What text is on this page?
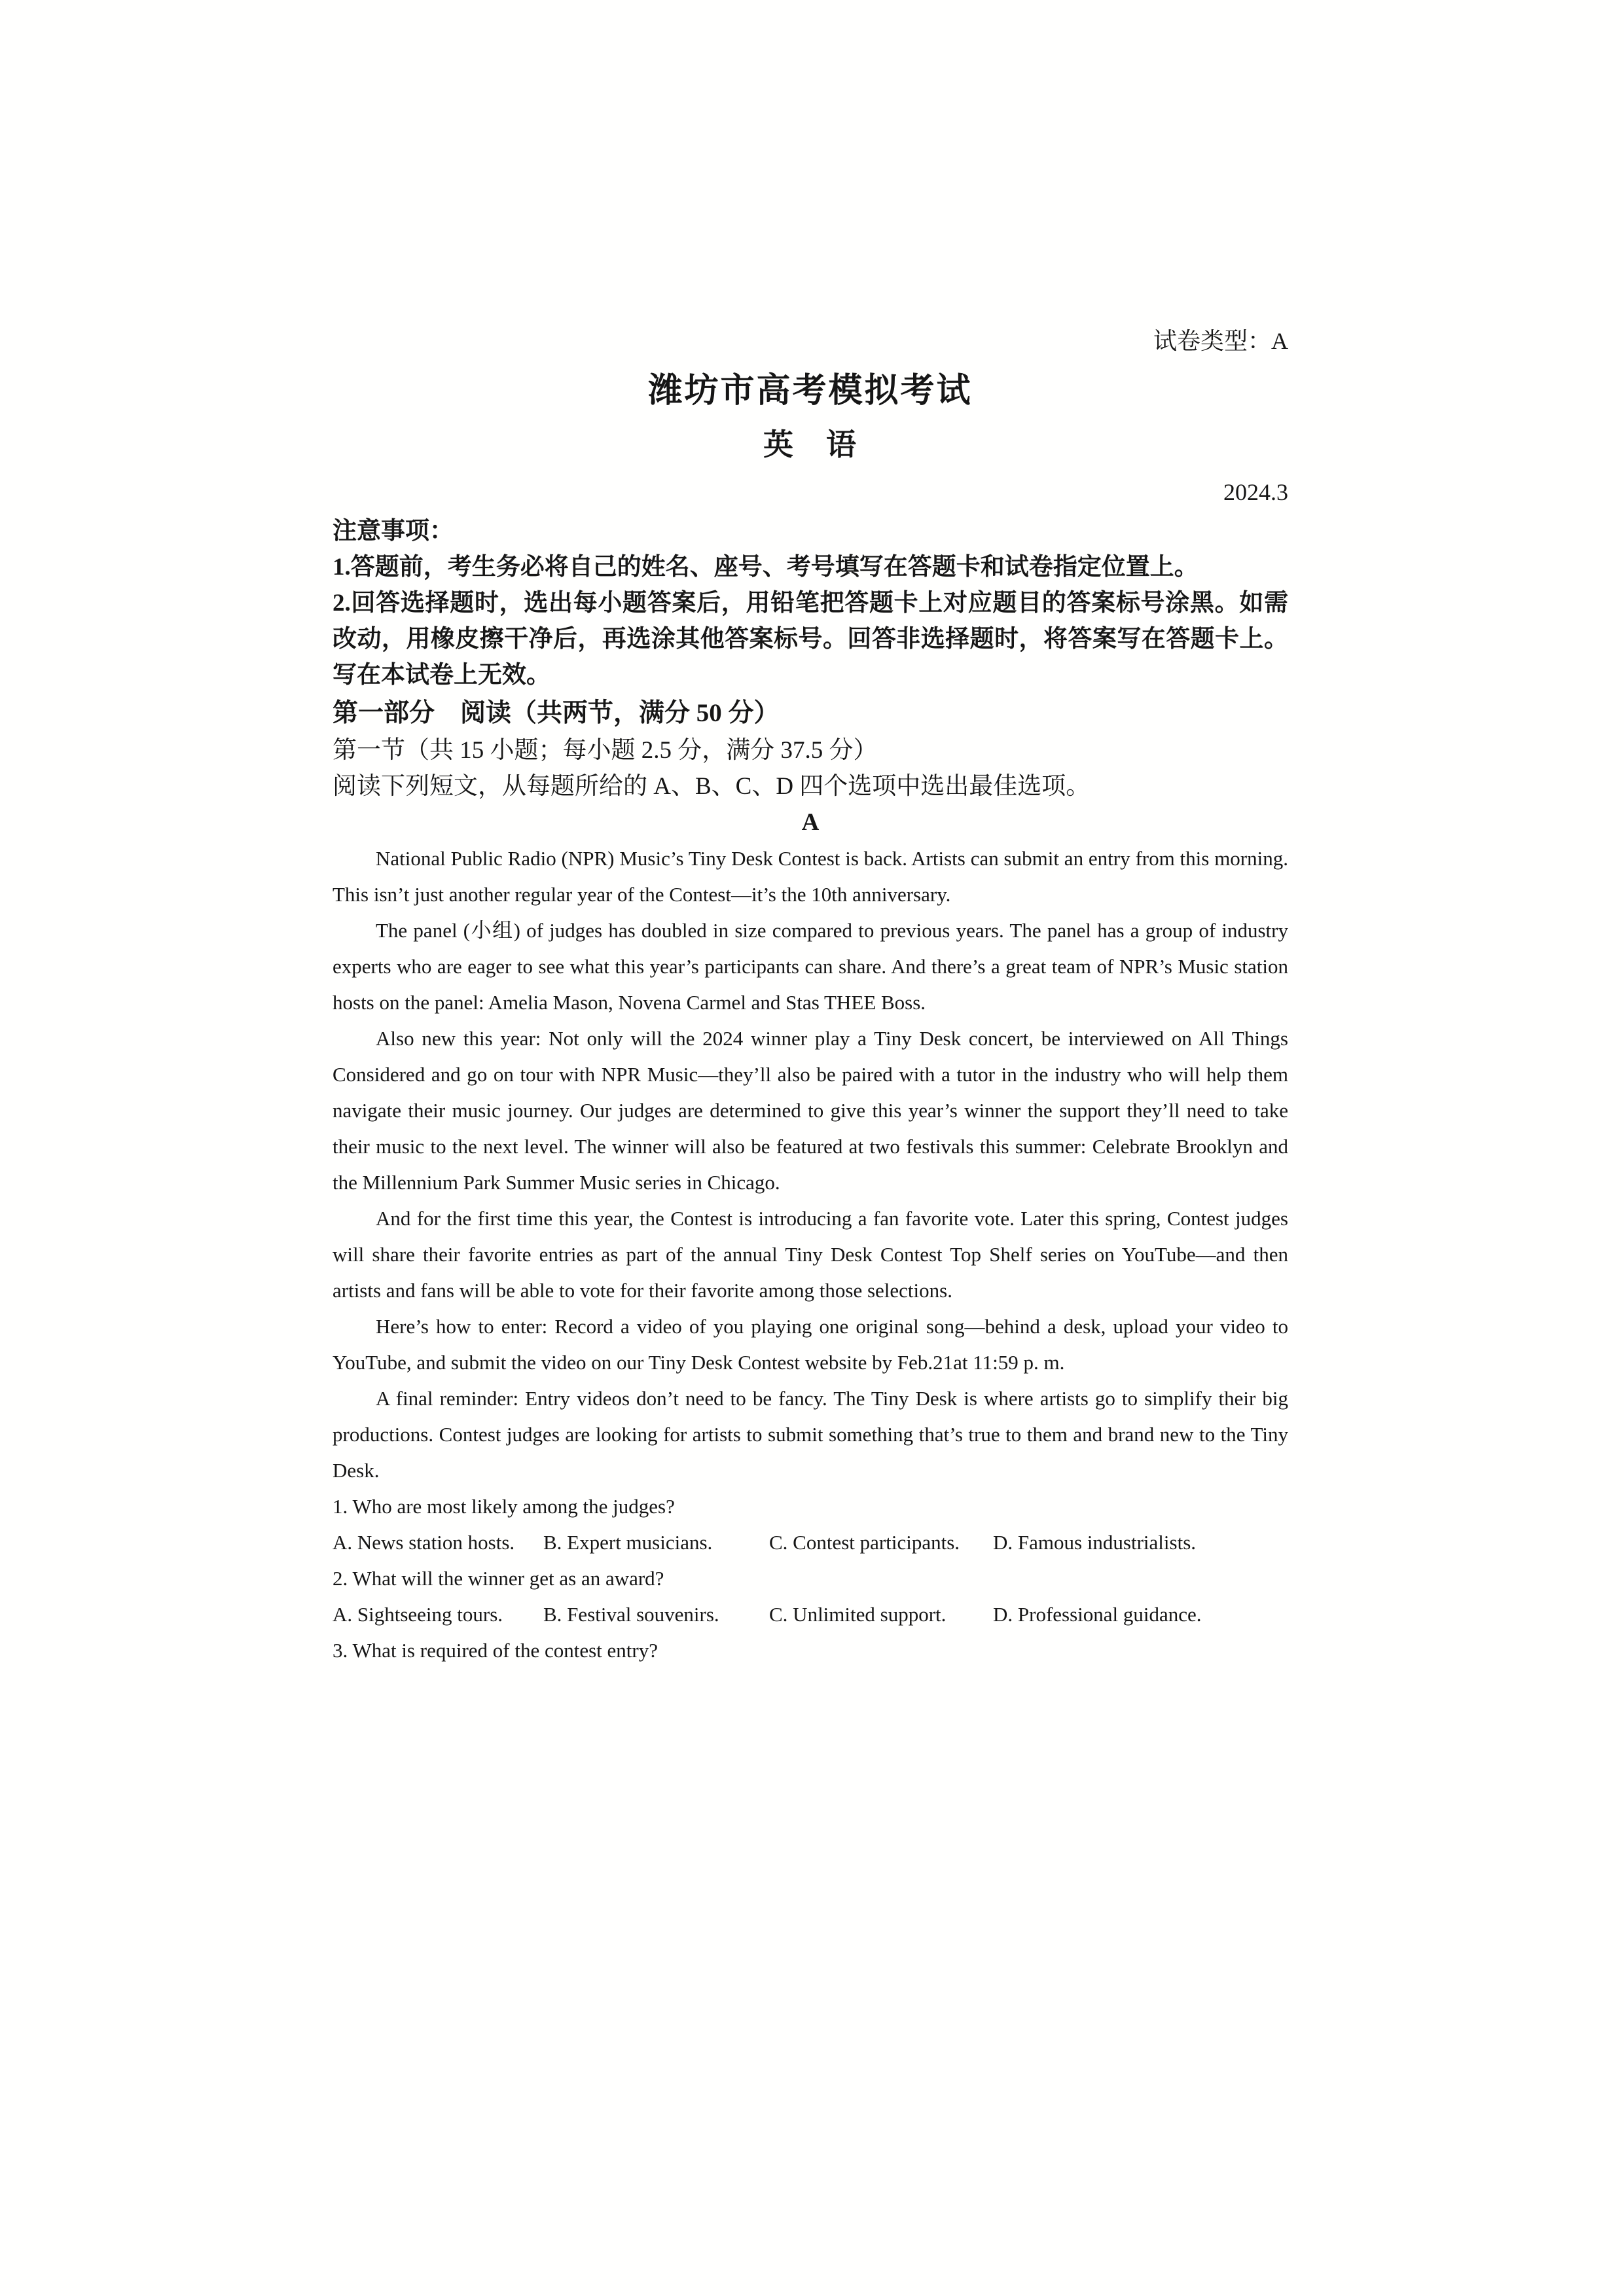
试卷类型：A
潍坊市高考模拟考试
英　语
2024.3

注意事项：

1.答题前，考生务必将自己的姓名、座号、考号填写在答题卡和试卷指定位置上。

2.回答选择题时，选出每小题答案后，用铅笔把答题卡上对应题目的答案标号涂黑。如需改动，用橡皮擦干净后，再选涂其他答案标号。回答非选择题时，将答案写在答题卡上。写在本试卷上无效。

第一部分　阅读（共两节，满分 50 分）

第一节（共 15 小题；每小题 2.5 分，满分 37.5 分）

阅读下列短文，从每题所给的 A、B、C、D 四个选项中选出最佳选项。

A

National Public Radio (NPR) Music’s Tiny Desk Contest is back. Artists can submit an entry from this morning. This isn’t just another regular year of the Contest—it’s the 10th anniversary.

The panel (小组) of judges has doubled in size compared to previous years. The panel has a group of industry experts who are eager to see what this year’s participants can share. And there’s a great team of NPR’s Music station hosts on the panel: Amelia Mason, Novena Carmel and Stas THEE Boss.

Also new this year: Not only will the 2024 winner play a Tiny Desk concert, be interviewed on All Things Considered and go on tour with NPR Music—they’ll also be paired with a tutor in the industry who will help them navigate their music journey. Our judges are determined to give this year’s winner the support they’ll need to take their music to the next level. The winner will also be featured at two festivals this summer: Celebrate Brooklyn and the Millennium Park Summer Music series in Chicago.

And for the first time this year, the Contest is introducing a fan favorite vote. Later this spring, Contest judges will share their favorite entries as part of the annual Tiny Desk Contest Top Shelf series on YouTube—and then artists and fans will be able to vote for their favorite among those selections.

Here’s how to enter: Record a video of you playing one original song—behind a desk, upload your video to YouTube, and submit the video on our Tiny Desk Contest website by Feb.21at 11:59 p. m.

A final reminder: Entry videos don’t need to be fancy. The Tiny Desk is where artists go to simplify their big productions. Contest judges are looking for artists to submit something that’s true to them and brand new to the Tiny Desk.

1. Who are most likely among the judges?

A. News station hosts.	B. Expert musicians.	C. Contest participants.	D. Famous industrialists.

2. What will the winner get as an award?

A. Sightseeing tours.	B. Festival souvenirs.	C. Unlimited support.	D. Professional guidance.

3. What is required of the contest entry?
